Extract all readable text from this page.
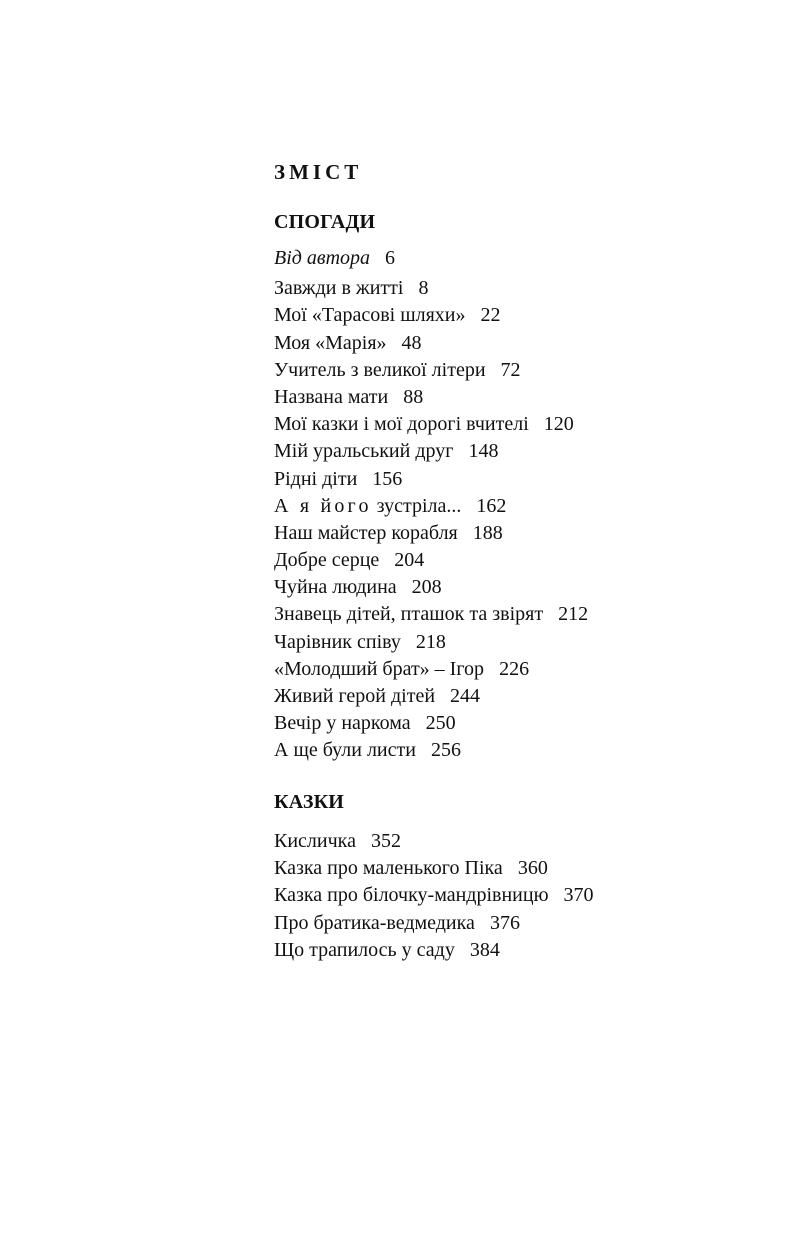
ЗМІСТ
СПОГАДИ
Від автора 6
Завжди в житті 8
Мої «Тарасові шляхи» 22
Моя «Марія» 48
Учитель з великої літери 72
Названа мати 88
Мої казки і мої дорогі вчителі 120
Мій уральський друг 148
Рідні діти 156
А я його зустріла... 162
Наш майстер корабля 188
Добре серце 204
Чуйна людина 208
Знавець дітей, пташок та звірят 212
Чарівник співу 218
«Молодший брат» – Ігор 226
Живий герой дітей 244
Вечір у наркома 250
А ще були листи 256
КАЗКИ
Кисличка 352
Казка про маленького Піка 360
Казка про білочку-мандрівницю 370
Про братика-ведмедика 376
Що трапилось у саду 384
